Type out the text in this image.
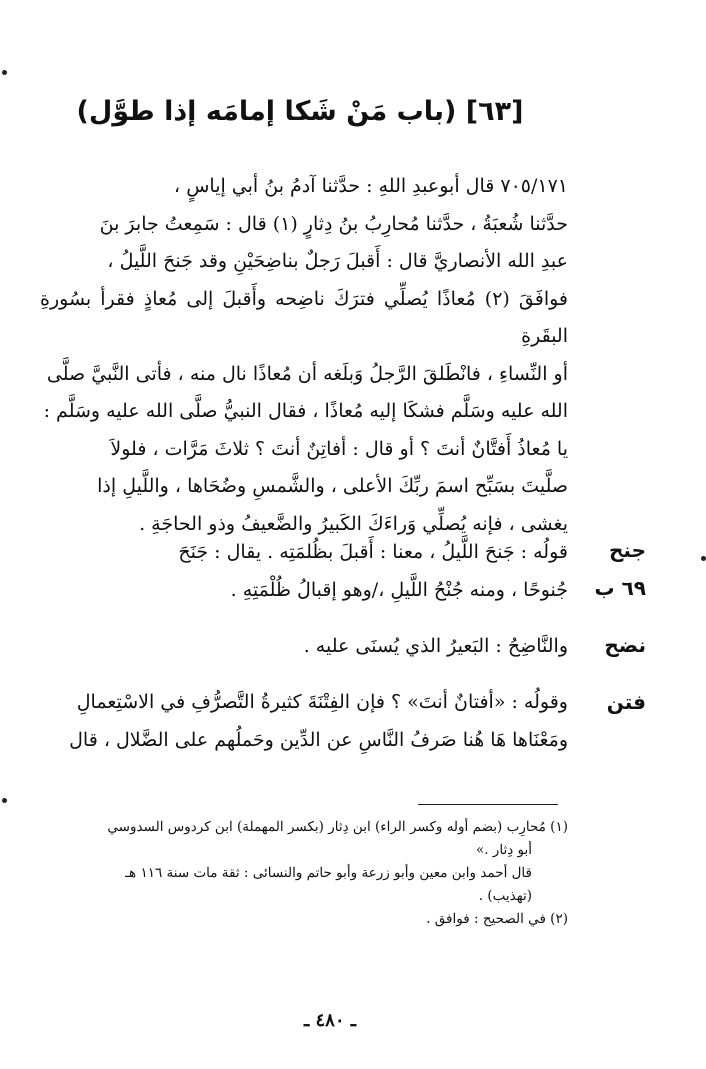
[٦٣] (باب مَنْ شَكا إمامَه إذا طوَّل)

٧٠٥/١٧١ قال أبوعبدِ اللهِ : حدَّثنا آدمُ بنُ أبي إياسٍ ،

حدَّثنا شُعبَةُ ، حدَّثنا مُحارِبُ بنُ دِثارٍ (١) قال : سَمِعتُ جابرَ بنَ

عبدِ الله الأنصاريَّ قال : أَقبلَ رَجلٌ بناضِحَيْنِ وقد جَنحَ اللَّيلُ ،

فوافَقَ (٢) مُعاذًا يُصلِّي فترَكَ ناضِحه وأَقبلَ إلى مُعاذٍ فقرأ بسُورةِ البقَرةِ

أو النِّساءِ ، فانْطَلقَ الرَّجلُ وَبلَغه أن مُعاذًا نال منه ، فأتى النَّبيَّ صلَّى

الله عليه وسَلَّم فشكَا إليه مُعاذًا ، فقال النبيُّ صلَّى الله عليه وسَلَّم :

يا مُعاذُ أَفتَّانٌ أنتَ ؟ أو قال : أفاتِنٌ أنتَ ؟ ثلاثَ مَرَّات ، فلولاَ

صلَّيتَ بسَبِّح اسمَ ربِّكَ الأعلى ، والشَّمسِ وضُحَاها ، واللَّيلِ إذا

يغشى ، فإنه يُصلِّي وَراءَكَ الكَبيرُ والضَّعيفُ وذو الحاجَةِ .

جنح
٦٩ ب

قولُه : جَنحَ اللَّيلُ ، معنا : أَقبلَ بظُلمَتِه . يقال : جَنَحَ

جُنوحًا ، ومنه جُنْحُ اللَّيلِ ،/وهو إقبالُ ظُلْمَتِهِ .

نضح

والنَّاضِحُ : البَعيرُ الذي يُسنَى عليه .

فتن

وقولُه : «أفتانٌ أنتَ» ؟ فإن الفِتْنَةَ كثيرةُ التَّصرُّفِ في الاسْتِعمالِ

ومَعْنَاها هَا هُنا صَرفُ النَّاسِ عن الدِّين وحَملُهم على الضَّلال ، قال

(١) مُحارِب (بضم أوله وكسر الراء) ابن دِثار (بكسر المهملة) ابن كردوس السدوسي

أبو دِثار .»

قال أحمد وابن معين وأبو زرعة وأبو حاتم والنسائى : ثقة مات سنة ١١٦ هـ

(تهذيب) .

(٢) في الصحيح : فوافق .

ـ ٤٨٠ ـ
